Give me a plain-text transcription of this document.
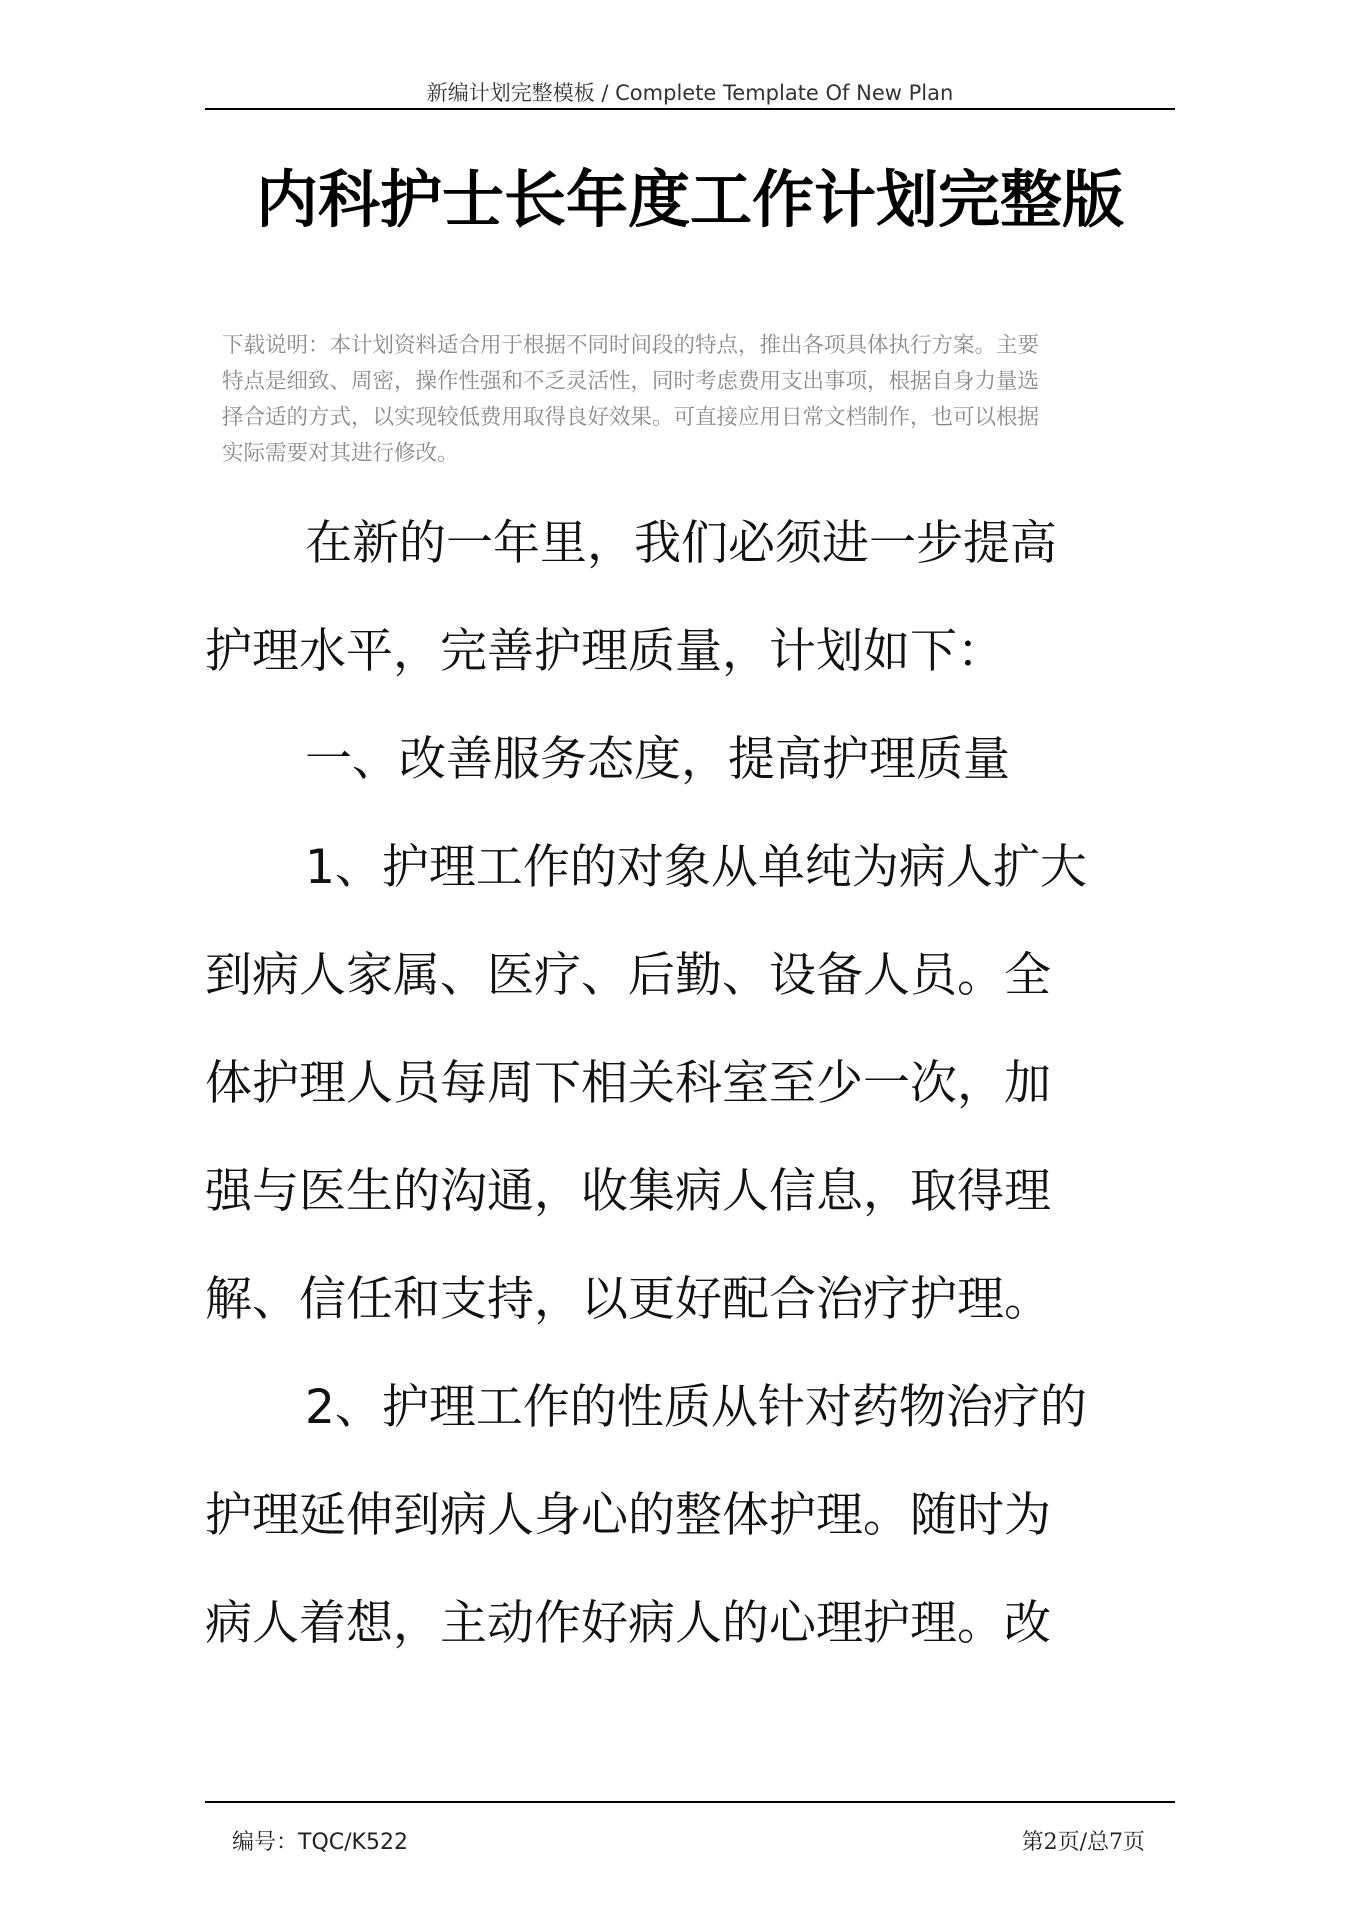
新编计划完整模板 / Complete Template Of New Plan
内科护士长年度工作计划完整版
下载说明：本计划资料适合用于根据不同时间段的特点，推出各项具体执行方案。主要
特点是细致、周密，操作性强和不乏灵活性，同时考虑费用支出事项，根据自身力量选
择合适的方式，以实现较低费用取得良好效果。可直接应用日常文档制作，也可以根据
实际需要对其进行修改。
在新的一年里，我们必须进一步提高
护理水平，完善护理质量，计划如下：
一、改善服务态度，提高护理质量
1、护理工作的对象从单纯为病人扩大
到病人家属、医疗、后勤、设备人员。全
体护理人员每周下相关科室至少一次，加
强与医生的沟通，收集病人信息，取得理
解、信任和支持，以更好配合治疗护理。
2、护理工作的性质从针对药物治疗的
护理延伸到病人身心的整体护理。随时为
病人着想，主动作好病人的心理护理。改
编号：TQC/K522	第2页/总7页
